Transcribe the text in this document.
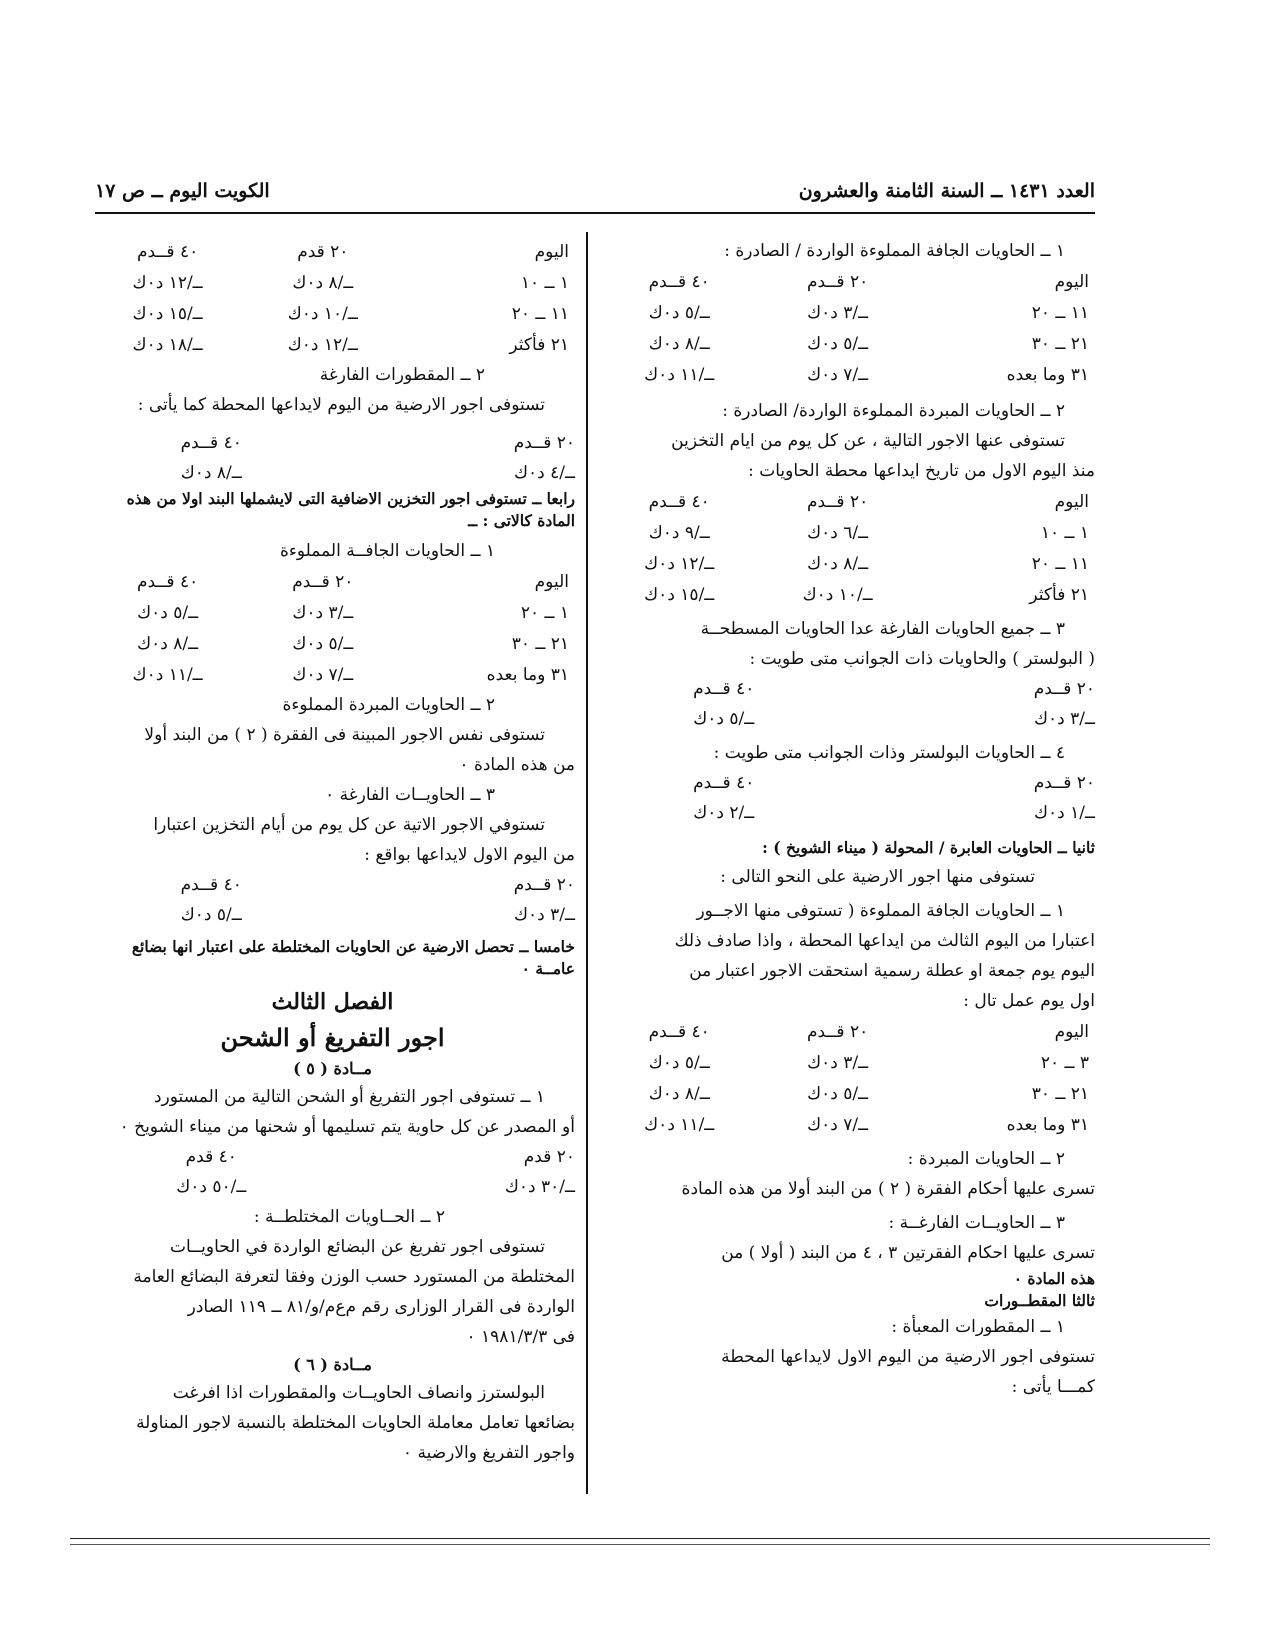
العدد ١٤٣١ ــ السنة الثامنة والعشرون
الكويت اليوم ــ ص ١٧

١ ــ الحاويات الجافة المملوءة الواردة / الصادرة :

اليوم	٢٠ قــدم	٤٠ قــدم
١١ ــ ٢٠	ــ/٣ د٠ك	ــ/٥ د٠ك
٢١ ــ ٣٠	ــ/٥ د٠ك	ــ/٨ د٠ك
٣١ وما بعده	ــ/٧ د٠ك	ــ/١١ د٠ك

٢ ــ الحاويات المبردة المملوءة الواردة/ الصادرة :

تستوفى عنها الاجور التالية ، عن كل يوم من ايام التخزين

منذ اليوم الاول من تاريخ ايداعها محطة الحاويات :

اليوم	٢٠ قــدم	٤٠ قــدم
١ ــ ١٠	ــ/٦ د٠ك	ــ/٩ د٠ك
١١ ــ ٢٠	ــ/٨ د٠ك	ــ/١٢ د٠ك
٢١ فأكثر	ــ/١٠ د٠ك	ــ/١٥ د٠ك

٣ ــ جميع الحاويات الفارغة عدا الحاويات المسطحــة

( البولستر ) والحاويات ذات الجوانب متى طويت :

٢٠ قــدم	٤٠ قــدم
ــ/٣ د٠ك	ــ/٥ د٠ك

٤ ــ الحاويات البولستر وذات الجوانب متى طويت :

٢٠ قــدم	٤٠ قــدم
ــ/١ د٠ك	ــ/٢ د٠ك

ثانيا ــ الحاويات العابرة / المحولة ( ميناء الشويخ ) :

تستوفى منها اجور الارضية على النحو التالى :

١ ــ الحاويات الجافة المملوءة ( تستوفى منها الاجــور

اعتبارا من اليوم الثالث من ايداعها المحطة ، واذا صادف ذلك

اليوم يوم جمعة او عطلة رسمية استحقت الاجور اعتبار من

اول يوم عمل تال :

اليوم	٢٠ قــدم	٤٠ قــدم
٣ ــ ٢٠	ــ/٣ د٠ك	ــ/٥ د٠ك
٢١ ــ ٣٠	ــ/٥ د٠ك	ــ/٨ د٠ك
٣١ وما بعده	ــ/٧ د٠ك	ــ/١١ د٠ك

٢ ــ الحاويات المبردة :

تسرى عليها أحكام الفقرة ( ٢ ) من البند أولا من هذه المادة

٣ ــ الحاويــات الفارغــة :

تسرى عليها احكام الفقرتين ٣ ، ٤ من البند ( أولا ) من

هذه المادة ٠

ثالثا المقطــورات

١ ــ المقطورات المعبأة :

تستوفى اجور الارضية من اليوم الاول لايداعها المحطة

كمـــا يأتى :

اليوم	٢٠ قدم	٤٠ قــدم
١ ــ ١٠	ــ/٨ د٠ك	ــ/١٢ د٠ك
١١ ــ ٢٠	ــ/١٠ د٠ك	ــ/١٥ د٠ك
٢١ فأكثر	ــ/١٢ د٠ك	ــ/١٨ د٠ك

٢ ــ المقطورات الفارغة

تستوفى اجور الارضية من اليوم لايداعها المحطة كما يأتى :

٢٠ قــدم	٤٠ قــدم
ــ/٤ د٠ك	ــ/٨ د٠ك

رابعا ــ تستوفى اجور التخزين الاضافية التى لايشملها البند اولا من هذه المادة كالاتى : ــ

١ ــ الحاويات الجافــة المملوءة

اليوم	٢٠ قــدم	٤٠ قــدم
١ ــ ٢٠	ــ/٣ د٠ك	ــ/٥ د٠ك
٢١ ــ ٣٠	ــ/٥ د٠ك	ــ/٨ د٠ك
٣١ وما بعده	ــ/٧ د٠ك	ــ/١١ د٠ك

٢ ــ الحاويات المبردة المملوءة

تستوفى نفس الاجور المبينة فى الفقرة ( ٢ ) من البند أولا

من هذه المادة ٠

٣ ــ الحاويــات الفارغة ٠

تستوفي الاجور الاتية عن كل يوم من أيام التخزين اعتبارا

من اليوم الاول لايداعها بواقع :

٢٠ قــدم	٤٠ قــدم
ــ/٣ د٠ك	ــ/٥ د٠ك

خامسا ــ تحصل الارضية عن الحاويات المختلطة على اعتبار انها بضائع عامــة ٠

الفصل الثالث

اجور التفريغ أو الشحن

مــادة ( ٥ )

١ ــ تستوفى اجور التفريغ أو الشحن التالية من المستورد

أو المصدر عن كل حاوية يتم تسليمها أو شحنها من ميناء الشويخ ٠

٢٠ قدم	٤٠ قدم
ــ/٣٠ د٠ك	ــ/٥٠ د٠ك

٢ ــ الحــاويات المختلطــة :

تستوفى اجور تفريغ عن البضائع الواردة في الحاويــات

المختلطة من المستورد حسب الوزن وفقا لتعرفة البضائع العامة

الواردة فى القرار الوزارى رقم م‌ع‌م/و/٨١ ــ ١١٩ الصادر

فى ١٩٨١/٣/٣ ٠

مــادة ( ٦ )

البولسترز وانصاف الحاويــات والمقطورات اذا افرغت

بضائعها تعامل معاملة الحاويات المختلطة بالنسبة لاجور المناولة

واجور التفريغ والارضية ٠
